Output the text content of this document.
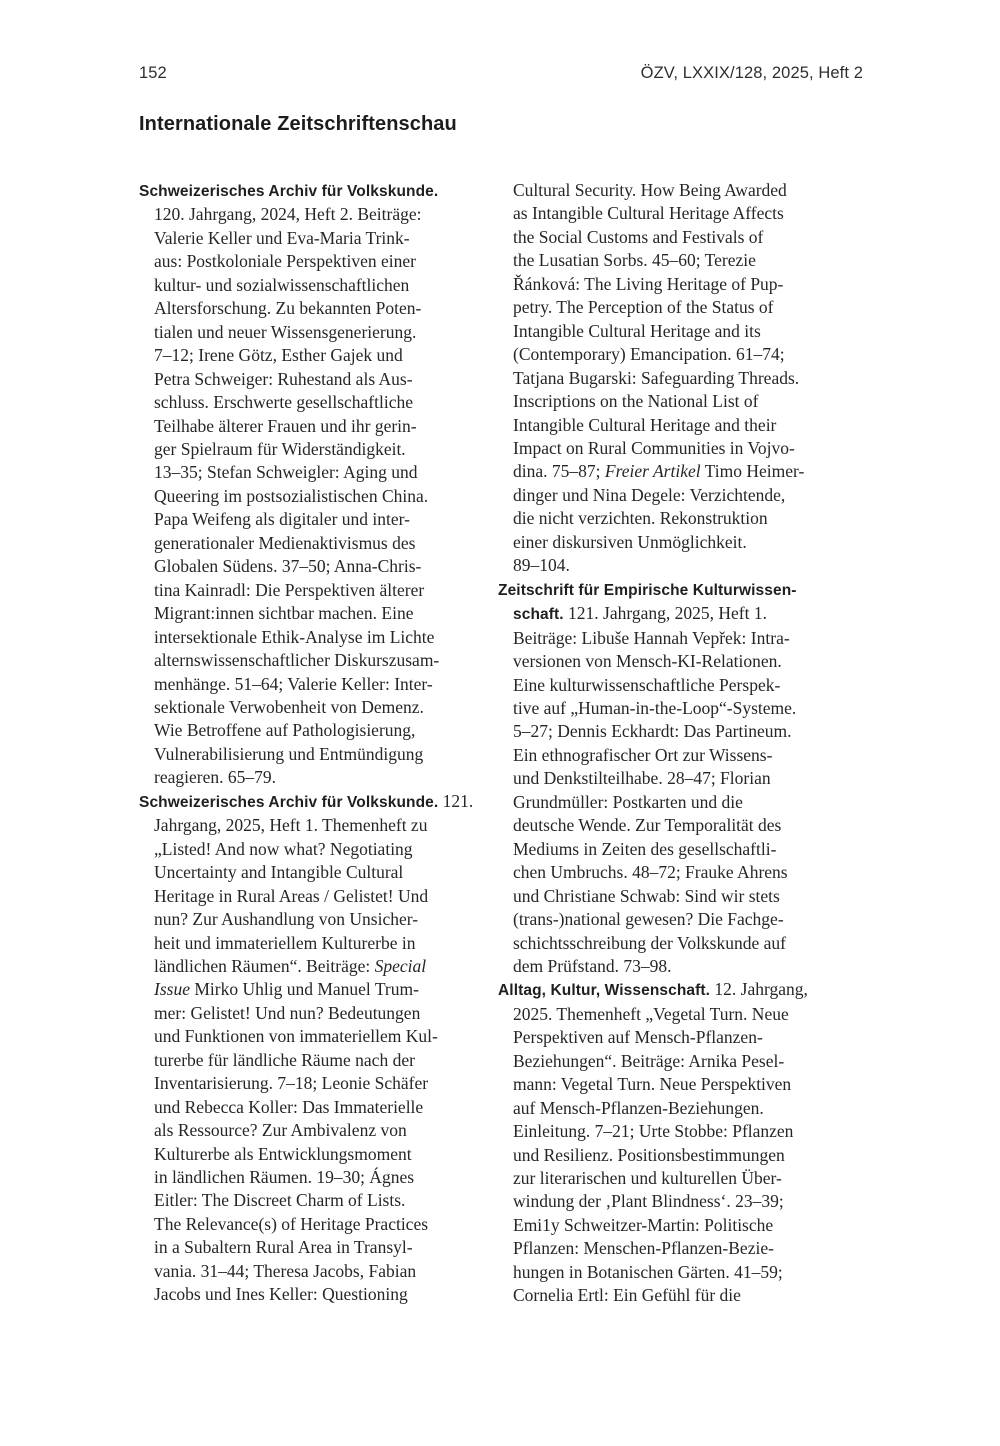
152	ÖZV, LXXIX/128, 2025, Heft 2
Internationale Zeitschriftenschau
Schweizerisches Archiv für Volkskunde.
120. Jahrgang, 2024, Heft 2. Beiträge:
Valerie Keller und Eva-Maria Trink-
aus: Postkoloniale Perspektiven einer
kultur- und sozialwissenschaftlichen
Altersforschung. Zu bekannten Poten-
tialen und neuer Wissensgenerierung.
7–12; Irene Götz, Esther Gajek und
Petra Schweiger: Ruhestand als Aus-
schluss. Erschwerte gesellschaftliche
Teilhabe älterer Frauen und ihr gerin-
ger Spielraum für Widerständigkeit.
13–35; Stefan Schweigler: Aging und
Queering im postsozialistischen China.
Papa Weifeng als digitaler und inter-
generationaler Medienaktivismus des
Globalen Südens. 37–50; Anna-Chris-
tina Kainradl: Die Perspektiven älterer
Migrant:innen sichtbar machen. Eine
intersektionale Ethik-Analyse im Lichte
alternswissenschaftlicher Diskurszusam-
menhänge. 51–64; Valerie Keller: Inter-
sektionale Verwobenheit von Demenz.
Wie Betroffene auf Pathologisierung,
Vulnerabilisierung und Entmündigung
reagieren. 65–79.
Schweizerisches Archiv für Volkskunde. 121.
Jahrgang, 2025, Heft 1. Themenheft zu
„Listed! And now what? Negotiating
Uncertainty and Intangible Cultural
Heritage in Rural Areas / Gelistet! Und
nun? Zur Aushandlung von Unsicher-
heit und immateriellem Kulturerbe in
ländlichen Räumen“. Beiträge: Special
Issue Mirko Uhlig und Manuel Trum-
mer: Gelistet! Und nun? Bedeutungen
und Funktionen von immateriellem Kul-
turerbe für ländliche Räume nach der
Inventarisierung. 7–18; Leonie Schäfer
und Rebecca Koller: Das Immaterielle
als Ressource? Zur Ambivalenz von
Kulturerbe als Entwicklungsmoment
in ländlichen Räumen. 19–30; Ágnes
Eitler: The Discreet Charm of Lists.
The Relevance(s) of Heritage Practices
in a Subaltern Rural Area in Transyl-
vania. 31–44; Theresa Jacobs, Fabian
Jacobs und Ines Keller: Questioning
Cultural Security. How Being Awarded
as Intangible Cultural Heritage Affects
the Social Customs and Festivals of
the Lusatian Sorbs. 45–60; Terezie
Řánková: The Living Heritage of Pup-
petry. The Perception of the Status of
Intangible Cultural Heritage and its
(Contemporary) Emancipation. 61–74;
Tatjana Bugarski: Safeguarding Threads.
Inscriptions on the National List of
Intangible Cultural Heritage and their
Impact on Rural Communities in Vojvo-
dina. 75–87; Freier Artikel Timo Heimer-
dinger und Nina Degele: Verzichtende,
die nicht verzichten. Rekonstruktion
einer diskursiven Unmöglichkeit.
89–104.
Zeitschrift für Empirische Kulturwissen-
schaft. 121. Jahrgang, 2025, Heft 1.
Beiträge: Libuše Hannah Vepřek: Intra-
versionen von Mensch-KI-Relationen.
Eine kulturwissenschaftliche Perspek-
tive auf „Human-in-the-Loop“-Systeme.
5–27; Dennis Eckhardt: Das Partineum.
Ein ethnografischer Ort zur Wissens-
und Denkstilteilhabe. 28–47; Florian
Grundmüller: Postkarten und die
deutsche Wende. Zur Temporalität des
Mediums in Zeiten des gesellschaftli-
chen Umbruchs. 48–72; Frauke Ahrens
und Christiane Schwab: Sind wir stets
(trans-)national gewesen? Die Fachge-
schichtsschreibung der Volkskunde auf
dem Prüfstand. 73–98.
Alltag, Kultur, Wissenschaft. 12. Jahrgang,
2025. Themenheft „Vegetal Turn. Neue
Perspektiven auf Mensch-Pflanzen-
Beziehungen“. Beiträge: Arnika Pesel-
mann: Vegetal Turn. Neue Perspektiven
auf Mensch-Pflanzen-Beziehungen.
Einleitung. 7–21; Urte Stobbe: Pflanzen
und Resilienz. Positionsbestimmungen
zur literarischen und kulturellen Über-
windung der ‚Plant Blindness‘. 23–39;
Emi1y Schweitzer-Martin: Politische
Pflanzen: Menschen-Pflanzen-Bezie-
hungen in Botanischen Gärten. 41–59;
Cornelia Ertl: Ein Gefühl für die
